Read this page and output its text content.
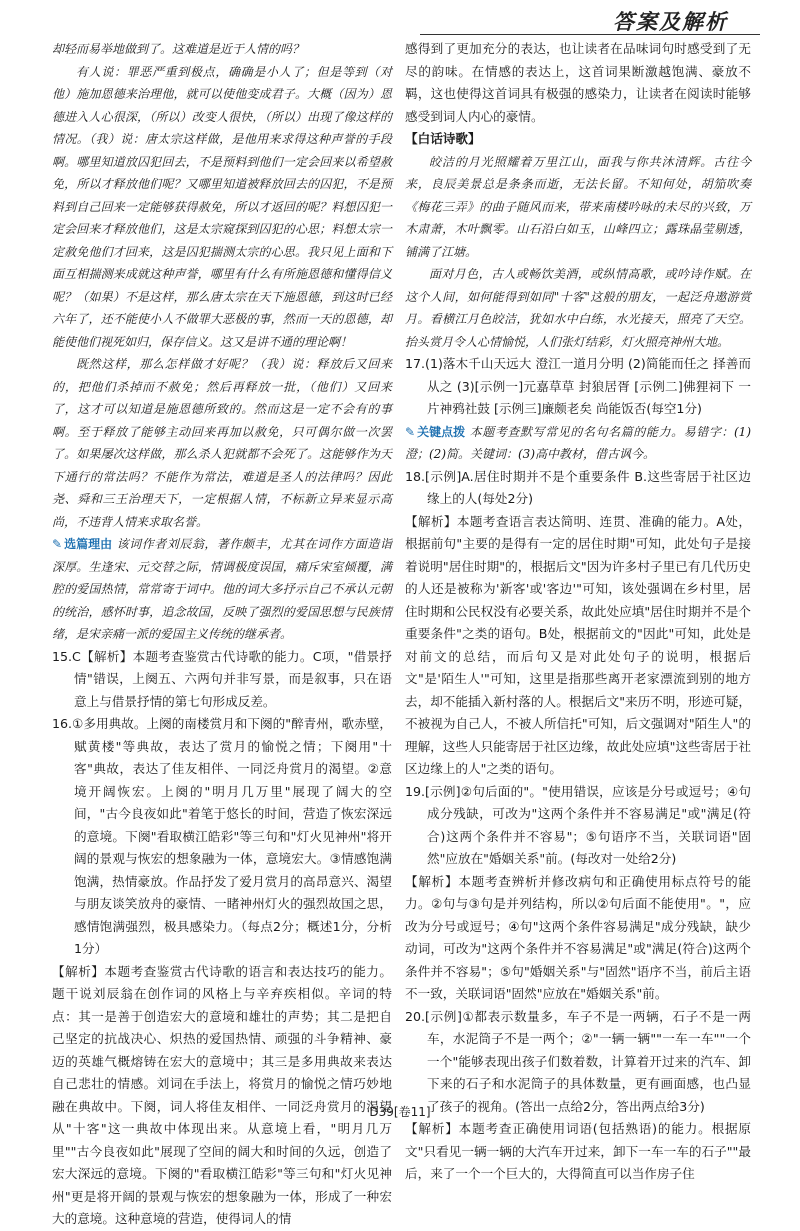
答案及解析

却轻而易举地做到了。这难道是近于人情的吗？

有人说：罪恶严重到极点，确确是小人了；但是等到（对他）施加恩德来治理他，就可以使他变成君子。大概（因为）恩德进入人心很深，（所以）改变人很快，（所以）出现了像这样的情况。（我）说：唐太宗这样做，是他用来求得这种声誉的手段啊。哪里知道放囚犯回去，不是预料到他们一定会回来以希望赦免，所以才释放他们呢？又哪里知道被释放回去的囚犯，不是预料到自己回来一定能够获得赦免，所以才返回的呢？料想囚犯一定会回来才释放他们，这是太宗窥探到囚犯的心思；料想太宗一定赦免他们才回来，这是囚犯揣测太宗的心思。我只见上面和下面互相揣测来成就这种声誉，哪里有什么有所施恩德和懂得信义呢？（如果）不是这样，那么唐太宗在天下施恩德，到这时已经六年了，还不能使小人不做罪大恶极的事，然而一天的恩德，却能使他们视死如归，保存信义。这又是讲不通的理论啊！

既然这样，那么怎样做才好呢？（我）说：释放后又回来的，把他们杀掉而不赦免；然后再释放一批，（他们）又回来了，这才可以知道是施恩德所致的。然而这是一定不会有的事啊。至于释放了能够主动回来再加以赦免，只可偶尔做一次罢了。如果屡次这样做，那么杀人犯就都不会死了。这能够作为天下通行的常法吗？不能作为常法，难道是圣人的法律吗？因此尧、舜和三王治理天下，一定根据人情，不标新立异来显示高尚，不违背人情来求取名誉。

✎ 选篇理由 该词作者刘辰翁，著作颇丰，尤其在词作方面造诣深厚。生逢宋、元交替之际，情调极度误国，痛斥宋室倾覆，满腔的爱国热情，常常寄于词中。他的词大多抒示自己不承认元朝的统治，感怀时事，追念故国，反映了强烈的爱国思想与民族情绪，是宋亲痛一派的爱国主义传统的继承者。

15.C【解析】本题考查鉴赏古代诗歌的能力。C项，"借景抒情"错误，上阕五、六两句并非写景，而是叙事，只在语意上与借景抒情的第七句形成反差。

16.①多用典故。上阕的南楼赏月和下阕的"醉青州，歌赤壁，赋黄楼"等典故，表达了赏月的愉悦之情；下阕用"十客"典故，表达了佳友相伴、一同泛舟赏月的渴望。②意境开阔恢宏。上阕的"明月几万里"展现了阔大的空间，"古今良夜如此"着笔于悠长的时间，营造了恢宏深远的意境。下阕"看取横江皓彩"等三句和"灯火见神州"将开阔的景观与恢宏的想象融为一体，意境宏大。③情感饱满饱满，热情豪放。作品抒发了爱月赏月的高昂意兴、渴望与朋友谈笑放舟的豪情、一睹神州灯火的强烈故国之思，感情饱满强烈，极具感染力。（每点2分；概述1分，分析1分）

【解析】本题考查鉴赏古代诗歌的语言和表达技巧的能力。题干说刘辰翁在创作词的风格上与辛弃疾相似。辛词的特点：其一是善于创造宏大的意境和雄壮的声势；其二是把自己坚定的抗战决心、炽热的爱国热情、顽强的斗争精神、豪迈的英雄气概熔铸在宏大的意境中；其三是多用典故来表达自己悲壮的情感。刘词在手法上，将赏月的愉悦之情巧妙地融在典故中。下阕，词人将佳友相伴、一同泛舟赏月的渴望从"十客"这一典故中体现出来。从意境上看，"明月几万里""古今良夜如此"展现了空间的阔大和时间的久远，创造了宏大深远的意境。下阕的"看取横江皓彩"等三句和"灯火见神州"更是将开阔的景观与恢宏的想象融为一体，形成了一种宏大的意境。这种意境的营造，使得词人的情

感得到了更加充分的表达，也让读者在品味词句时感受到了无尽的韵味。在情感的表达上，这首词果断激越饱满、豪放不羁，这也使得这首词具有极强的感染力，让读者在阅读时能够感受到词人内心的豪情。

【白话诗歌】

皎洁的月光照耀着万里江山，面我与你共沐清辉。古往今来，良辰美景总是条条而逝，无法长留。不知何处，胡笳吹奏《梅花三弄》的曲子随风而来，带来南楼吟咏的未尽的兴致，万木肃萧，木叶飘零。山石沿白如玉，山峰四立；露珠晶莹剔透，铺满了江塘。

面对月色，古人或畅饮美酒，或纵情高歌，或吟诗作赋。在这个人间，如何能得到如同"十客"这般的朋友，一起泛舟遨游赏月。看横江月色皎洁，犹如水中白练，水光接天，照亮了天空。抬头赏月令人心情愉悦，人们张灯结彩，灯火照亮神州大地。

17.(1)落木千山天远大 澄江一道月分明 (2)简能而任之 择善而从之 (3)[示例一]元嘉草草 封狼居胥 [示例二]佛狸祠下 一片神鸦社鼓 [示例三]廉颇老矣 尚能饭否(每空1分)

✎ 关键点拨 本题考查默写常见的名句名篇的能力。易错字：(1)澄；(2)简。关键词：(3)高中教材，借古讽今。

18.[示例]A.居住时期并不是个重要条件 B.这些寄居于社区边缘上的人(每处2分)

【解析】本题考查语言表达简明、连贯、准确的能力。A处，根据前句"主要的是得有一定的居住时期"可知，此处句子是接着说明"居住时期"的，根据后文"因为许多村子里已有几代历史的人还是被称为'新客'或'客边'"可知，该处强调在乡村里，居住时期和公民权没有必要关系，故此处应填"居住时期并不是个重要条件"之类的语句。B处，根据前文的"因此"可知，此处是对前文的总结，而后句又是对此处句子的说明，根据后文"是'陌生人'"可知，这里是指那些离开老家漂流到别的地方去，却不能插入新村落的人。根据后文"来历不明，形迹可疑，不被视为自己人，不被人所信托"可知，后文强调对"陌生人"的理解，这些人只能寄居于社区边缘，故此处应填"这些寄居于社区边缘上的人"之类的语句。

19.[示例]②句后面的"。"使用错误，应该是分号或逗号；④句成分残缺，可改为"这两个条件并不容易满足"或"满足(符合)这两个条件并不容易"；⑤句语序不当，关联词语"固然"应放在"婚姻关系"前。(每改对一处给2分)

【解析】本题考查辨析并修改病句和正确使用标点符号的能力。②句与③句是并列结构，所以②句后面不能使用"。"，应改为分号或逗号；④句"这两个条件容易满足"成分残缺，缺少动词，可改为"这两个条件并不容易满足"或"满足(符合)这两个条件并不容易"；⑤句"婚姻关系"与"固然"语序不当，前后主语不一致，关联词语"固然"应放在"婚姻关系"前。

20.[示例]①都表示数量多，车子不是一两辆，石子不是一两车，水泥筒子不是一两个；②"一辆一辆""一车一车""一个一个"能够表现出孩子们数着数，计算着开过来的汽车、卸下来的石子和水泥筒子的具体数量，更有画面感，也凸显了孩子的视角。(答出一点给2分，答出两点给3分)

【解析】本题考查正确使用词语(包括熟语)的能力。根据原文"只看见一辆一辆的大汽车开过来，卸下一车一车的石子""最后，来了一个一个巨大的，大得简直可以当作房子住

D39[卷11]
